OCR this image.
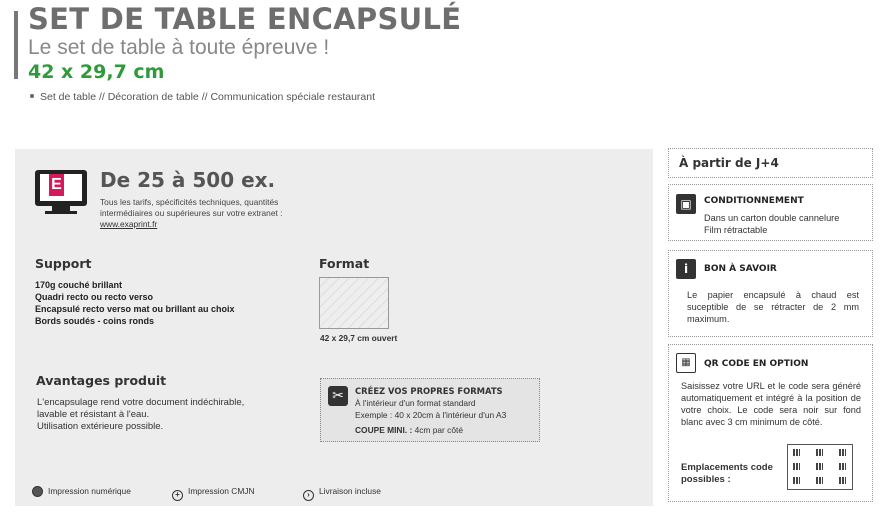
SET DE TABLE ENCAPSULÉ
Le set de table à toute épreuve !
42 x 29,7 cm
Set de table // Décoration de table // Communication spéciale restaurant
E De 25 à 500 ex.
Tous les tarifs, spécificités techniques, quantités intermédiaires ou supérieures sur votre extranet : www.exaprint.fr
Support
170g couché brillant
Quadri recto ou recto verso
Encapsulé recto verso mat ou brillant au choix
Bords soudés - coins ronds
Format
42 x 29,7 cm ouvert
Avantages produit
L'encapsulage rend votre document indéchirable,
lavable et résistant à l'eau.
Utilisation extérieure possible.
✂	CRÉEZ VOS PROPRES FORMATS
À l'intérieur d'un format standard
Exemple : 40 x 20cm à l'intérieur d'un A3
COUPE MINI. : 4cm par côté
Impression numérique	+ Impression CMJN	› Livraison incluse
À partir de J+4
▣	CONDITIONNEMENT
Dans un carton double cannelure
Film rétractable
i	BON À SAVOIR
Le papier encapsulé à chaud est suceptible de se rétracter de 2 mm maximum.
▦	QR CODE EN OPTION
Saisissez votre URL et le code sera généré automatiquement et intégré à la position de votre choix. Le code sera noir sur fond blanc avec 3 cm minimum de côté.
Emplacements code possibles :
